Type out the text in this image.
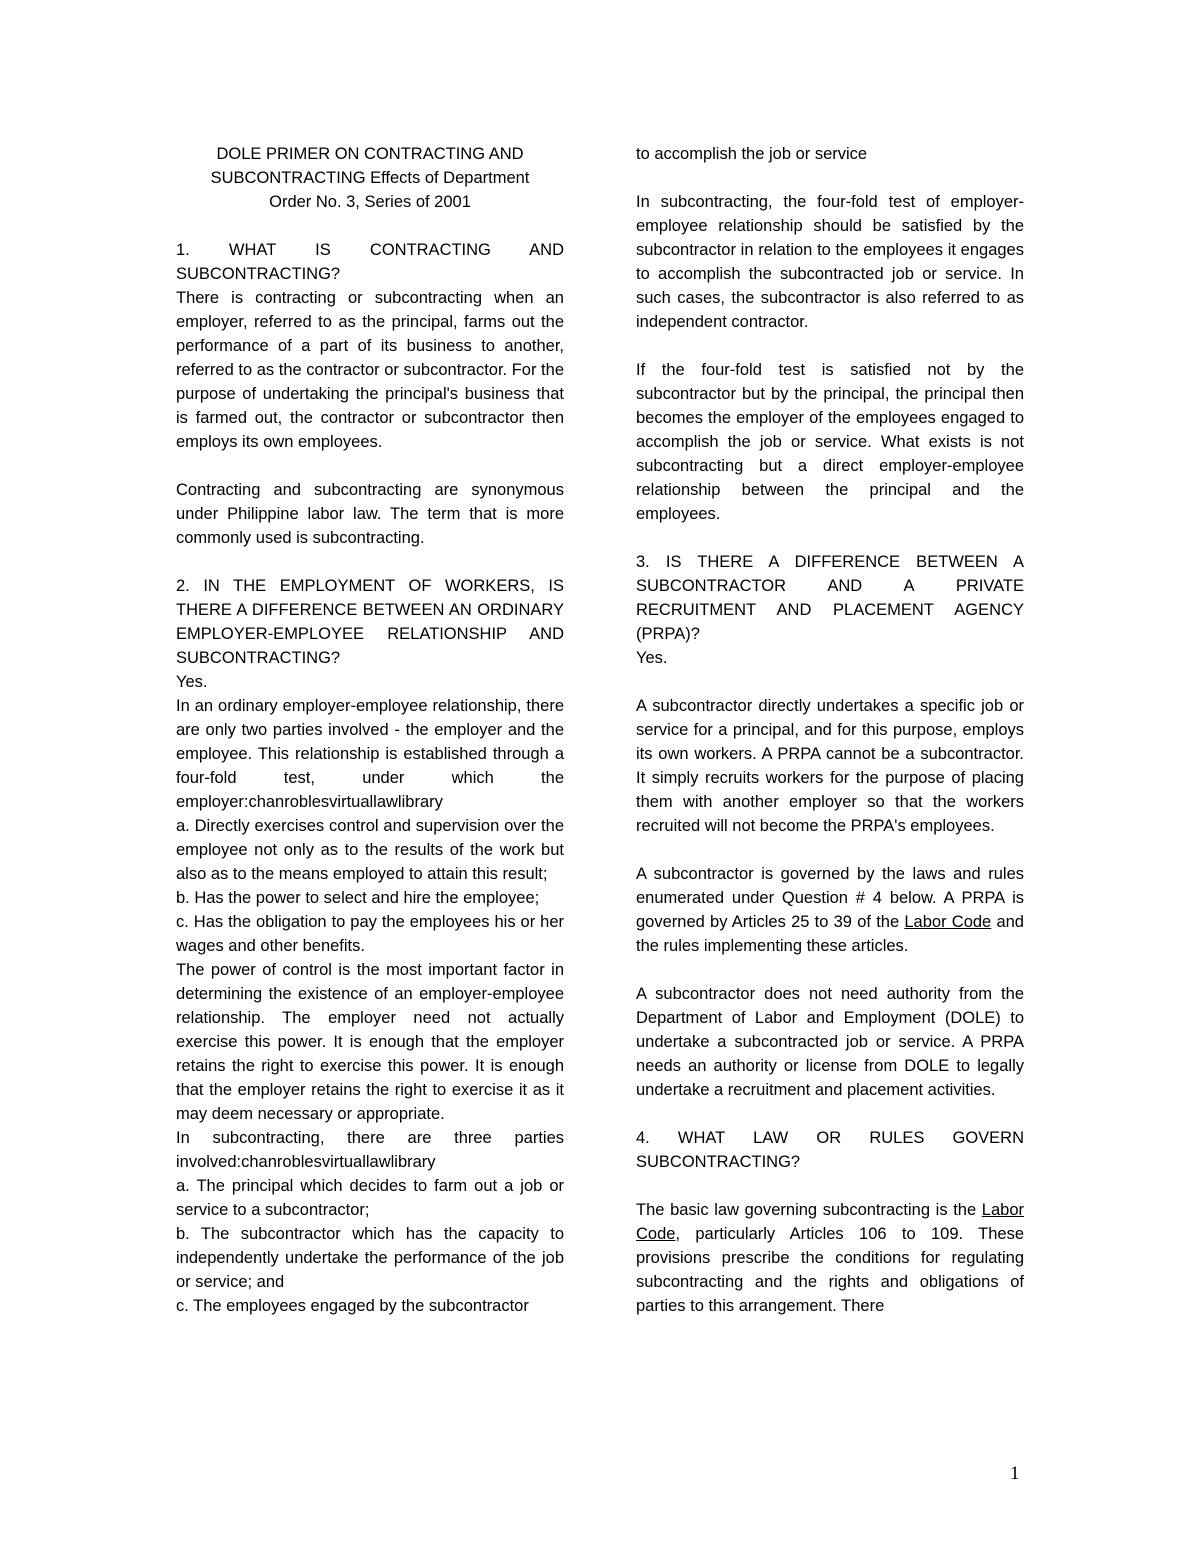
DOLE PRIMER ON CONTRACTING AND
SUBCONTRACTING Effects of Department
Order No. 3, Series of 2001

1. WHAT IS CONTRACTING AND

SUBCONTRACTING?

There is contracting or subcontracting when an employer, referred to as the principal, farms out the performance of a part of its business to another, referred to as the contractor or subcontractor. For the purpose of undertaking the principal's business that is farmed out, the contractor or subcontractor then employs its own employees.

Contracting and subcontracting are synonymous under Philippine labor law. The term that is more commonly used is subcontracting.

2. IN THE EMPLOYMENT OF WORKERS, IS THERE A DIFFERENCE BETWEEN AN ORDINARY EMPLOYER-EMPLOYEE RELATIONSHIP AND SUBCONTRACTING?

Yes.

In an ordinary employer-employee relationship, there are only two parties involved - the employer and the employee. This relationship is established through a four-fold test, under which the employer:chanroblesvirtuallawlibrary

a. Directly exercises control and supervision over the employee not only as to the results of the work but also as to the means employed to attain this result;

b. Has the power to select and hire the employee;

c. Has the obligation to pay the employees his or her wages and other benefits.

The power of control is the most important factor in determining the existence of an employer-employee relationship. The employer need not actually exercise this power. It is enough that the employer retains the right to exercise this power. It is enough that the employer retains the right to exercise it as it may deem necessary or appropriate.

In subcontracting, there are three parties involved:chanroblesvirtuallawlibrary

a. The principal which decides to farm out a job or service to a subcontractor;

b. The subcontractor which has the capacity to independently undertake the performance of the job or service; and

c. The employees engaged by the subcontractor

to accomplish the job or service

In subcontracting, the four-fold test of employer-employee relationship should be satisfied by the subcontractor in relation to the employees it engages to accomplish the subcontracted job or service. In such cases, the subcontractor is also referred to as independent contractor.

If the four-fold test is satisfied not by the subcontractor but by the principal, the principal then becomes the employer of the employees engaged to accomplish the job or service. What exists is not subcontracting but a direct employer-employee relationship between the principal and the employees.

3. IS THERE A DIFFERENCE BETWEEN A SUBCONTRACTOR AND A PRIVATE RECRUITMENT AND PLACEMENT AGENCY (PRPA)?

Yes.

A subcontractor directly undertakes a specific job or service for a principal, and for this purpose, employs its own workers. A PRPA cannot be a subcontractor. It simply recruits workers for the purpose of placing them with another employer so that the workers recruited will not become the PRPA's employees.

A subcontractor is governed by the laws and rules enumerated under Question # 4 below. A PRPA is governed by Articles 25 to 39 of the Labor Code and the rules implementing these articles.

A subcontractor does not need authority from the Department of Labor and Employment (DOLE) to undertake a subcontracted job or service. A PRPA needs an authority or license from DOLE to legally undertake a recruitment and placement activities.

4. WHAT LAW OR RULES GOVERN SUBCONTRACTING?

The basic law governing subcontracting is the Labor Code, particularly Articles 106 to 109. These provisions prescribe the conditions for regulating subcontracting and the rights and obligations of parties to this arrangement. There

1
